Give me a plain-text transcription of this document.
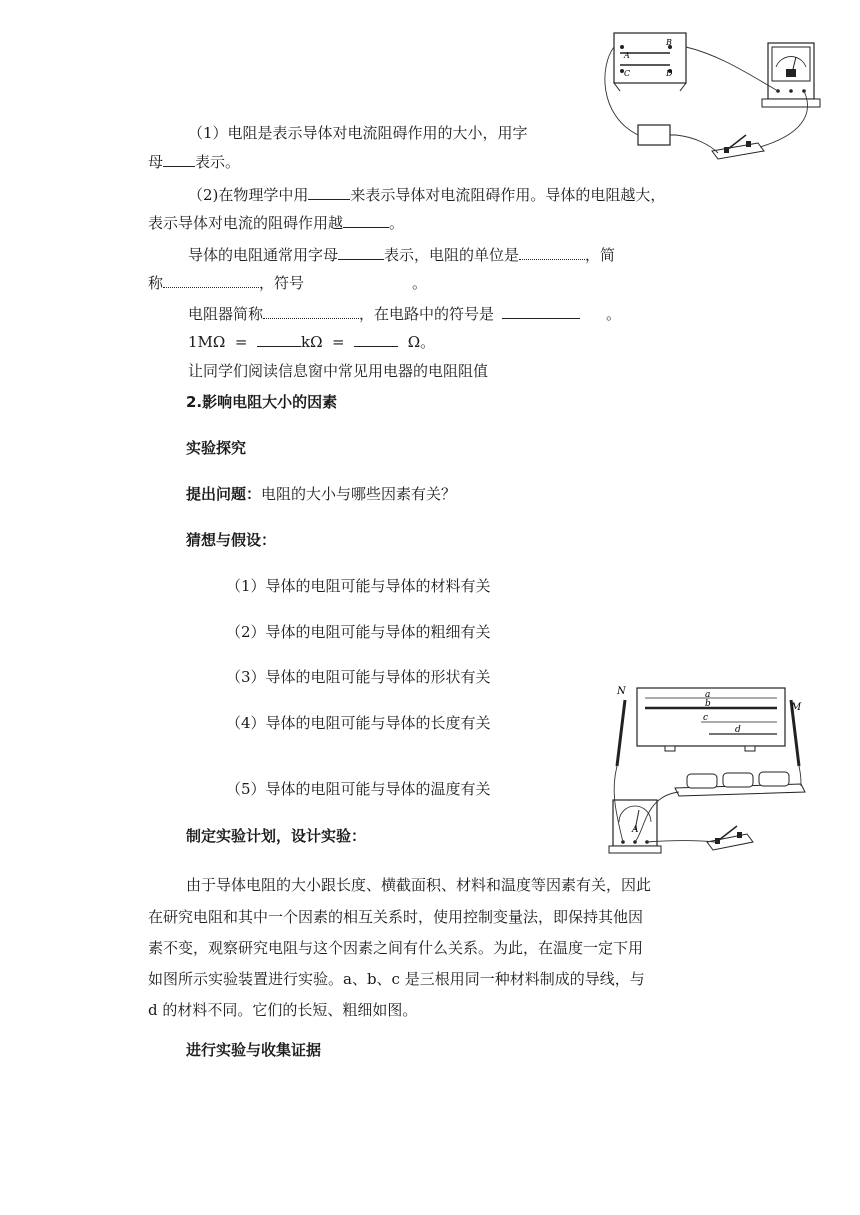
A
B
C	D
a
b
c
d
N
M
A
（1）电阻是表示导体对电流阻碍作用的大小，用字
母 表示。
（2)在物理学中用	来表示导体对电流阻碍作用。导体的电阻越大，
表示导体对电流的阻碍作用越	。
导体的电阻通常用字母	表示，电阻的单位是	，简
称	，符号	。
电阻器简称	，在电路中的符号是	。
1MΩ  =	kΩ  =	Ω。
让同学们阅读信息窗中常见用电器的电阻阻值
2.影响电阻大小的因素
实验探究
提出问题：电阻的大小与哪些因素有关？
猜想与假设：
（1）导体的电阻可能与导体的材料有关
（2）导体的电阻可能与导体的粗细有关
（3）导体的电阻可能与导体的形状有关
（4）导体的电阻可能与导体的长度有关
（5）导体的电阻可能与导体的温度有关
制定实验计划，设计实验：
由于导体电阻的大小跟长度、横截面积、材料和温度等因素有关，因此
在研究电阻和其中一个因素的相互关系时，使用控制变量法，即保持其他因
素不变，观察研究电阻与这个因素之间有什么关系。为此，在温度一定下用
如图所示实验装置进行实验。a、b、c 是三根用同一种材料制成的导线，与
d 的材料不同。它们的长短、粗细如图。
进行实验与收集证据
